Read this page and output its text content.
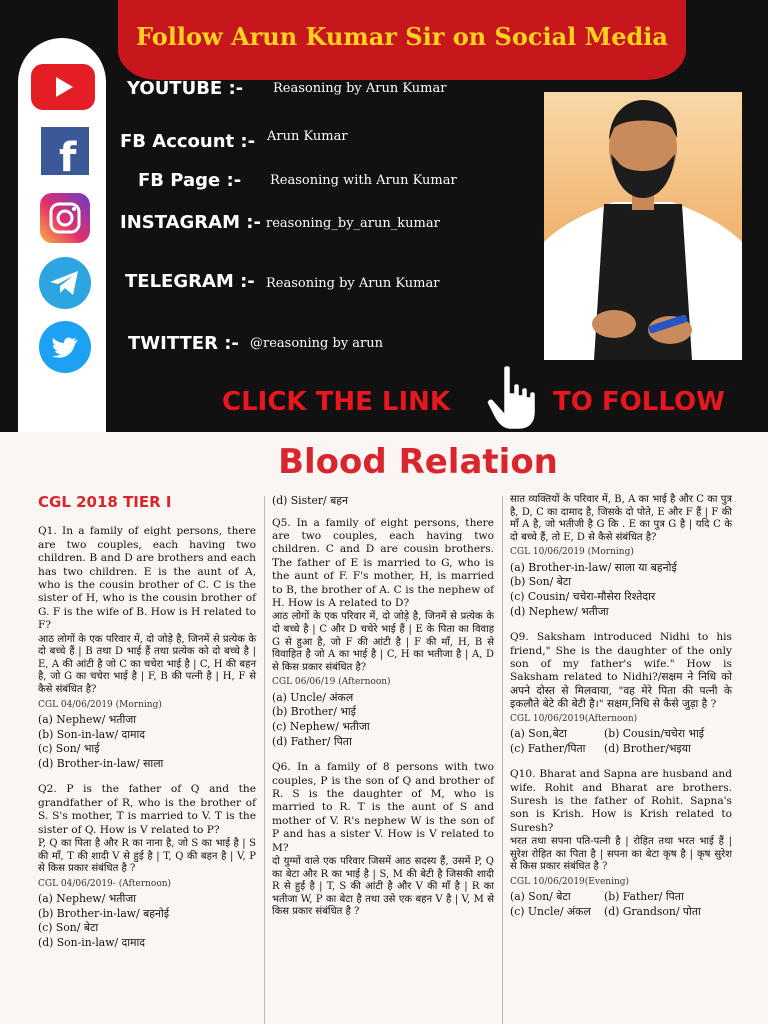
Follow Arun Kumar Sir on Social Media
f
YOUTUBE :- Reasoning by Arun Kumar
FB Account :- Arun Kumar
FB Page :- Reasoning with Arun Kumar
INSTAGRAM :- reasoning_by_arun_kumar
TELEGRAM :- Reasoning by Arun Kumar
TWITTER :- @reasoning by arun
CLICK THE LINK	TO FOLLOW
Blood Relation
CGL 2018 TIER I
Q1. In a family of eight persons, there are two couples, each having two children. B and D are brothers and each has two children. E is the aunt of A, who is the cousin brother of C. C is the sister of H, who is the cousin brother of G. F is the wife of B. How is H related to F?
आठ लोगों के एक परिवार में, दो जोड़े है, जिनमें से प्रत्येक के दो बच्चे हैं | B तथा D भाई हैं तथा प्रत्येक को दो बच्चे है | E, A की आंटी है जो C का चचेरा भाई है | C, H की बहन है, जो G का चचेरा भाई है | F, B की पत्नी है | H, F से कैसे संबंधित है?
CGL 04/06/2019 (Morning)
(a) Nephew/ भतीजा
(b) Son-in-law/ दामाद
(c) Son/ भाई
(d) Brother-in-law/ साला
Q2. P is the father of Q and the grandfather of R, who is the brother of S. S's mother, T is married to V. T is the sister of Q. How is V related to P?
P, Q का पिता है और R का नाना है, जो S का भाई है | S की माँ, T की शादी V से हुई है | T, Q की बहन है | V, P से किस प्रकार संबंधित है ?
CGL 04/06/2019- (Afternoon)
(a) Nephew/ भतीजा
(b) Brother-in-law/ बहनोई
(c) Son/ बेटा
(d) Son-in-law/ दामाद
(d) Sister/ बहन
Q5. In a family of eight persons, there are two couples, each having two children. C and D are cousin brothers. The father of E is married to G, who is the aunt of F. F's mother, H, is married to B, the brother of A. C is the nephew of H. How is A related to D?
आठ लोगों के एक परिवार में, दो जोड़े है, जिनमें से प्रत्येक के दो बच्चे है | C और D चचेरे भाई हैं | E के पिता का विवाह G से हुआ है, जो F की आंटी है | F की माँ, H, B से विवाहित है जो A का भाई है | C, H का भतीजा है | A, D से किस प्रकार संबंधित है?
CGL 06/06/19 (Afternoon)
(a) Uncle/ अंकल
(b) Brother/ भाई
(c) Nephew/ भतीजा
(d) Father/ पिता
Q6. In a family of 8 persons with two couples, P is the son of Q and brother of R. S is the daughter of M, who is married to R. T is the aunt of S and mother of V. R's nephew W is the son of P and has a sister V. How is V related to M?
दो युग्मों वाले एक परिवार जिसमें आठ सदस्य हैं, उसमें P, Q का बेटा और R का भाई है | S, M की बेटी है जिसकी शादी R से हुई है | T, S की आंटी है और V की माँ है | R का भतीजा W, P का बेटा है तथा उसे एक बहन V है | V, M से किस प्रकार संबंधित है ?
सात व्यक्तियों के परिवार में, B, A का भाई है और C का पुत्र है, D, C का दामाद है, जिसके दो पोते, E और F हैं | F की माँ A है, जो भतीजी है G कि . E का पुत्र G है | यदि C के दो बच्चे हैं, तो E, D से कैसे संबंधित है?
CGL 10/06/2019 (Morning)
(a) Brother-in-law/ साला या बहनोई
(b) Son/ बेटा
(c) Cousin/ चचेरा-मौसेरा रिश्तेदार
(d) Nephew/ भतीजा
Q9. Saksham introduced Nidhi to his friend," She is the daughter of the only son of my father's wife." How is Saksham related to Nidhi?/सक्षम ने निधि को अपने दोस्त से मिलवाया, "वह मेरे पिता की पत्नी के इकलौते बेटे की बेटी है।" सक्षम,निधि से कैसे जुड़ा है ?
CGL 10/06/2019(Afternoon)
(a) Son,बेटा	(b) Cousin/चचेरा भाई
(c) Father/पिता	(d) Brother/भइया
Q10. Bharat and Sapna are husband and wife. Rohit and Bharat are brothers. Suresh is the father of Rohit. Sapna's son is Krish. How is Krish related to Suresh?
भरत तथा सपना पति-पत्नी है | रोहित तथा भरत भाई हैं | सुरेश रोहित का पिता है | सपना का बेटा कृष है | कृष सुरेश से किस प्रकार संबंधित है ?
CGL 10/06/2019(Evening)
(a) Son/ बेटा	(b) Father/ पिता
(c) Uncle/ अंकल	(d) Grandson/ पोता
